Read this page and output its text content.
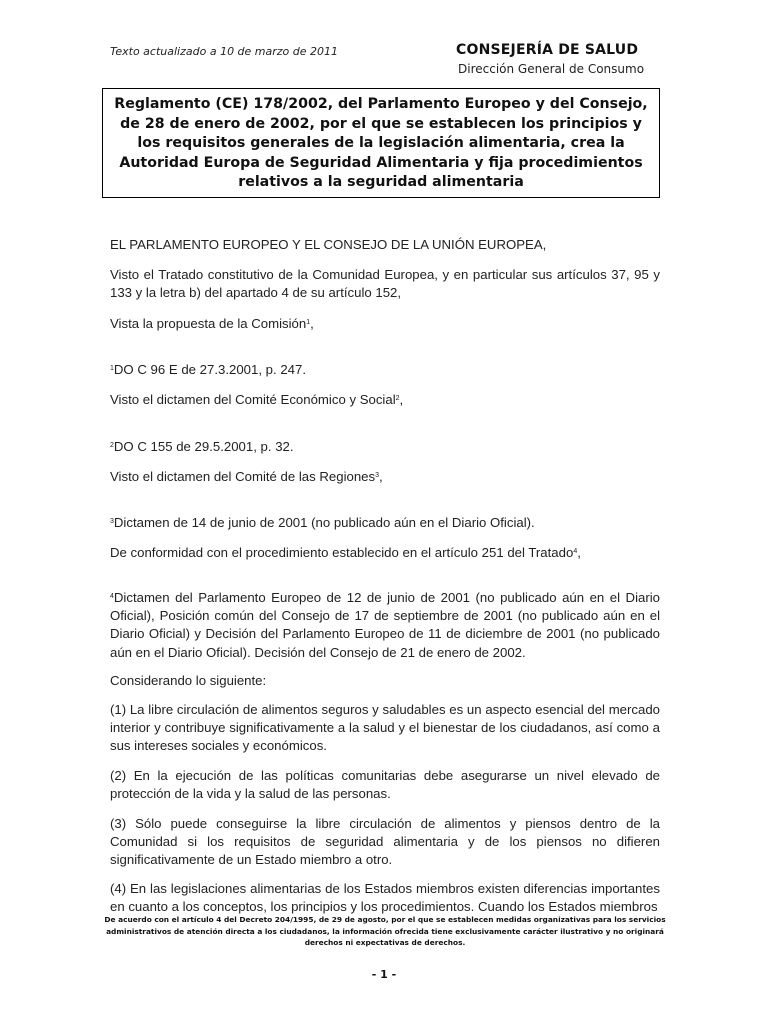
Texto actualizado a 10 de marzo de 2011	CONSEJERÍA DE SALUD
Dirección General de Consumo
Reglamento (CE) 178/2002, del Parlamento Europeo y del Consejo, de 28 de enero de 2002, por el que se establecen los principios y los requisitos generales de la legislación alimentaria, crea la Autoridad Europa de Seguridad Alimentaria y fija procedimientos relativos a la seguridad alimentaria
EL PARLAMENTO EUROPEO Y EL CONSEJO DE LA UNIÓN EUROPEA,
Visto el Tratado constitutivo de la Comunidad Europea, y en particular sus artículos 37, 95 y 133 y la letra b) del apartado 4 de su artículo 152,
Vista la propuesta de la Comisión$^1$,
$^1$DO C 96 E de 27.3.2001, p. 247.
Visto el dictamen del Comité Económico y Social$^2$,
$^2$DO C 155 de 29.5.2001, p. 32.
Visto el dictamen del Comité de las Regiones$^3$,
$^3$Dictamen de 14 de junio de 2001 (no publicado aún en el Diario Oficial).
De conformidad con el procedimiento establecido en el artículo 251 del Tratado$^4$,
$^4$Dictamen del Parlamento Europeo de 12 de junio de 2001 (no publicado aún en el Diario Oficial), Posición común del Consejo de 17 de septiembre de 2001 (no publicado aún en el Diario Oficial) y Decisión del Parlamento Europeo de 11 de diciembre de 2001 (no publicado aún en el Diario Oficial). Decisión del Consejo de 21 de enero de 2002.
Considerando lo siguiente:
(1) La libre circulación de alimentos seguros y saludables es un aspecto esencial del mercado interior y contribuye significativamente a la salud y el bienestar de los ciudadanos, así como a sus intereses sociales y económicos.
(2) En la ejecución de las políticas comunitarias debe asegurarse un nivel elevado de protección de la vida y la salud de las personas.
(3) Sólo puede conseguirse la libre circulación de alimentos y piensos dentro de la Comunidad si los requisitos de seguridad alimentaria y de los piensos no difieren significativamente de un Estado miembro a otro.
(4) En las legislaciones alimentarias de los Estados miembros existen diferencias importantes en cuanto a los conceptos, los principios y los procedimientos. Cuando los Estados miembros
De acuerdo con el artículo 4 del Decreto 204/1995, de 29 de agosto, por el que se establecen medidas organizativas para los servicios administrativos de atención directa a los ciudadanos, la información ofrecida tiene exclusivamente carácter ilustrativo y no originará derechos ni expectativas de derechos.
- 1 -
